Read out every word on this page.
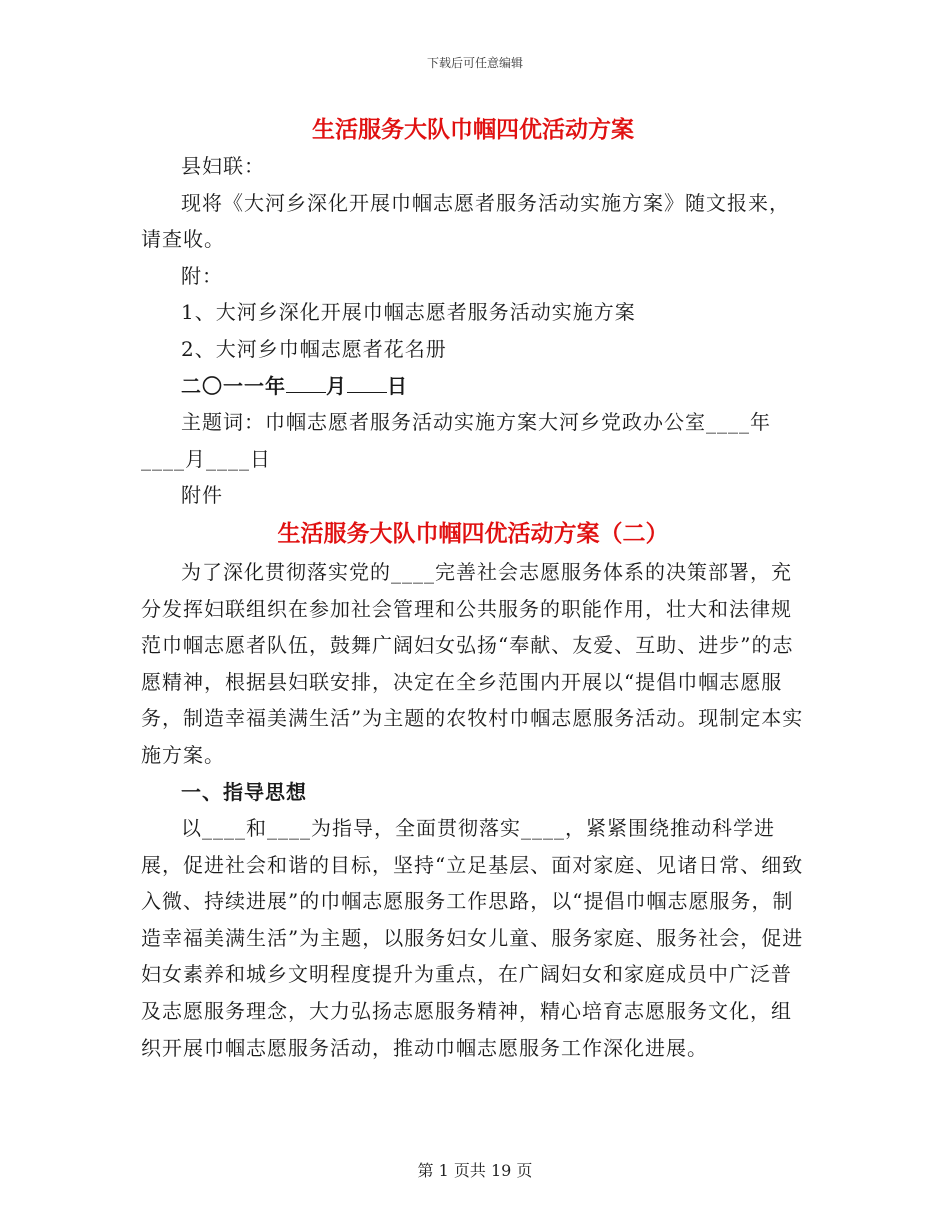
下载后可任意编辑
生活服务大队巾帼四优活动方案

县妇联：

现将《大河乡深化开展巾帼志愿者服务活动实施方案》随文报来，请查收。

附：

1、大河乡深化开展巾帼志愿者服务活动实施方案

2、大河乡巾帼志愿者花名册

二〇一一年 月 日

主题词：巾帼志愿者服务活动实施方案大河乡党政办公室____年____月____日

附件

生活服务大队巾帼四优活动方案（二）

为了深化贯彻落实党的____完善社会志愿服务体系的决策部署，充分发挥妇联组织在参加社会管理和公共服务的职能作用，壮大和法律规范巾帼志愿者队伍，鼓舞广阔妇女弘扬“奉献、友爱、互助、进步”的志愿精神，根据县妇联安排，决定在全乡范围内开展以“提倡巾帼志愿服务，制造幸福美满生活”为主题的农牧村巾帼志愿服务活动。现制定本实施方案。

一、指导思想

以____和____为指导，全面贯彻落实____，紧紧围绕推动科学进展，促进社会和谐的目标，坚持“立足基层、面对家庭、见诸日常、细致入微、持续进展”的巾帼志愿服务工作思路，以“提倡巾帼志愿服务，制造幸福美满生活”为主题，以服务妇女儿童、服务家庭、服务社会，促进妇女素养和城乡文明程度提升为重点，在广阔妇女和家庭成员中广泛普及志愿服务理念，大力弘扬志愿服务精神，精心培育志愿服务文化，组织开展巾帼志愿服务活动，推动巾帼志愿服务工作深化进展。

第 1 页共 19 页
